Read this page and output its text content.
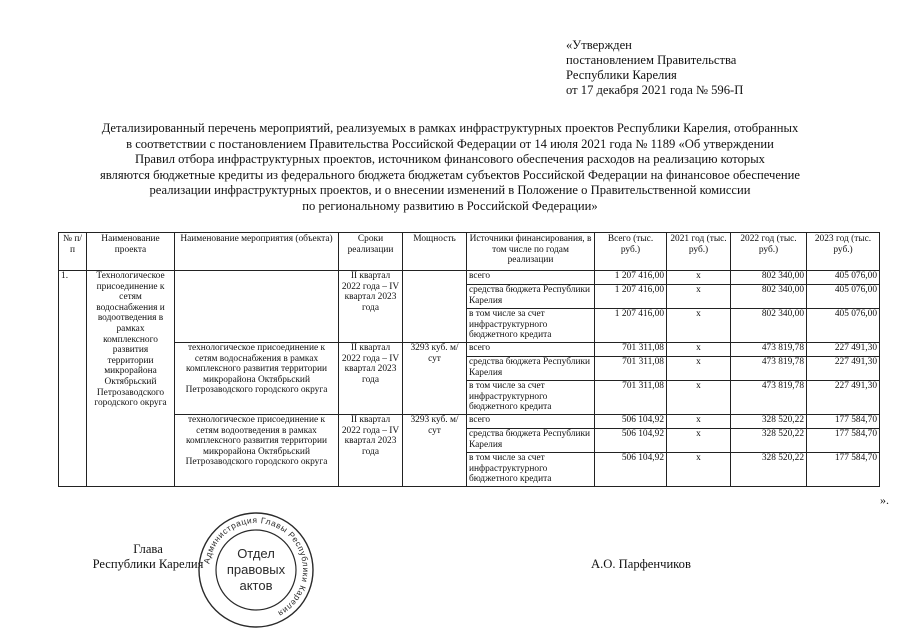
«Утвержден
постановлением Правительства
Республики Карелия
от 17 декабря 2021 года № 596-П
Детализированный перечень мероприятий, реализуемых в рамках инфраструктурных проектов Республики Карелия, отобранных
в соответствии с постановлением Правительства Российской Федерации от 14 июля 2021 года № 1189 «Об утверждении
Правил отбора инфраструктурных проектов, источником финансового обеспечения расходов на реализацию которых
являются бюджетные кредиты из федерального бюджета бюджетам субъектов Российской Федерации на финансовое обеспечение
реализации инфраструктурных проектов, и о внесении изменений в Положение о Правительственной комиссии
по региональному развитию в Российской Федерации»
№ п/п	Наименование проекта	Наименование мероприятия (объекта)	Сроки реализации	Мощность	Источники финансирования, в том числе по годам реализации	Всего (тыс. руб.)	2021 год (тыс. руб.)	2022 год (тыс. руб.)	2023 год (тыс. руб.)
1.	Технологическое присоединение к сетям водоснабжения и водоотведения в рамках комплексного развития территории микрорайона Октябрьский Петрозаводского городского округа		II квартал 2022 года – IV квартал 2023 года		всего	1 207 416,00	x	802 340,00	405 076,00
					средства бюджета Республики Карелия	1 207 416,00	x	802 340,00	405 076,00
					в том числе за счет инфраструктурного бюджетного кредита	1 207 416,00	x	802 340,00	405 076,00
		технологическое присоединение к сетям водоснабжения в рамках комплексного развития территории микрорайона Октябрьский Петрозаводского городского округа	II квартал 2022 года – IV квартал 2023 года	3293 куб. м/сут	всего	701 311,08	x	473 819,78	227 491,30
					средства бюджета Республики Карелия	701 311,08	x	473 819,78	227 491,30
					в том числе за счет инфраструктурного бюджетного кредита	701 311,08	x	473 819,78	227 491,30
		технологическое присоединение к сетям водоотведения в рамках комплексного развития территории микрорайона Октябрьский Петрозаводского городского округа	II квартал 2022 года – IV квартал 2023 года	3293 куб. м/сут	всего	506 104,92	x	328 520,22	177 584,70
					средства бюджета Республики Карелия	506 104,92	x	328 520,22	177 584,70
					в том числе за счет инфраструктурного бюджетного кредита	506 104,92	x	328 520,22	177 584,70
».
Глава
Республики Карелия	А.О. Парфенчиков
Администрация Главы Республики Карелия
Отдел
правовых
актов
